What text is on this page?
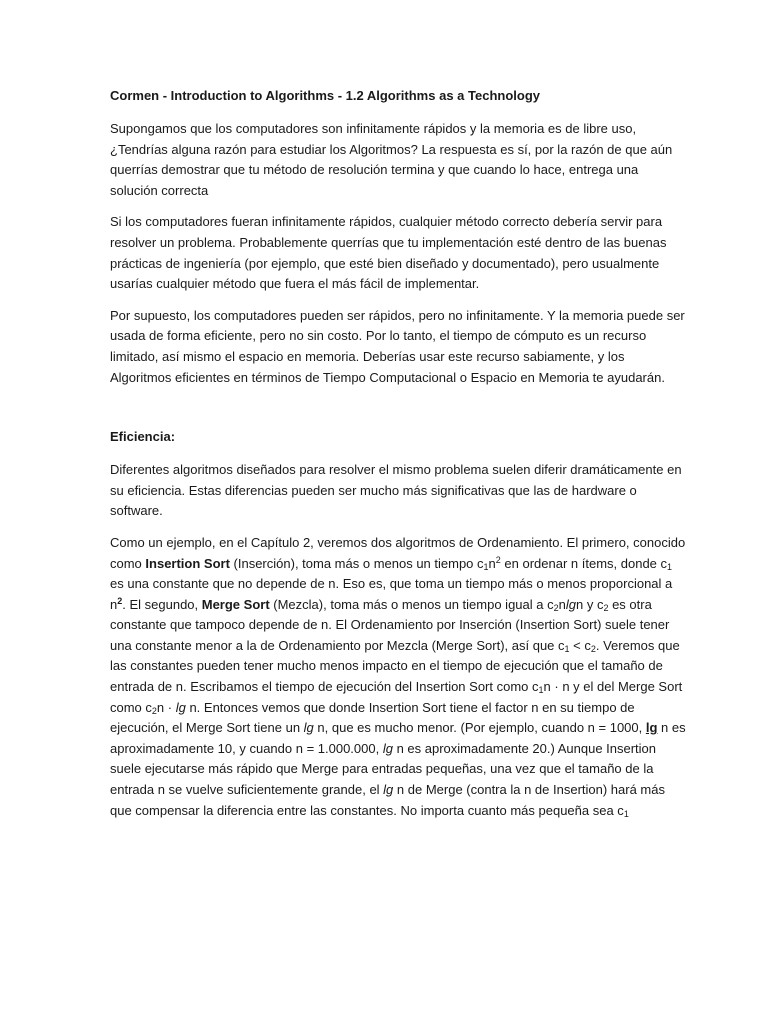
Cormen - Introduction to Algorithms - 1.2 Algorithms as a Technology

Supongamos que los computadores son infinitamente rápidos y la memoria es de libre uso, ¿Tendrías alguna razón para estudiar los Algoritmos? La respuesta es sí, por la razón de que aún querrías demostrar que tu método de resolución termina y que cuando lo hace, entrega una solución correcta

Si los computadores fueran infinitamente rápidos, cualquier método correcto debería servir para resolver un problema. Probablemente querrías que tu implementación esté dentro de las buenas prácticas de ingeniería (por ejemplo, que esté bien diseñado y documentado), pero usualmente usarías cualquier método que fuera el más fácil de implementar.

Por supuesto, los computadores pueden ser rápidos, pero no infinitamente. Y la memoria puede ser usada de forma eficiente, pero no sin costo. Por lo tanto, el tiempo de cómputo es un recurso limitado, así mismo el espacio en memoria. Deberías usar este recurso sabiamente, y los Algoritmos eficientes en términos de Tiempo Computacional o Espacio en Memoria te ayudarán.

Eficiencia:

Diferentes algoritmos diseñados para resolver el mismo problema suelen diferir dramáticamente en su eficiencia. Estas diferencias pueden ser mucho más significativas que las de hardware o software.

Como un ejemplo, en el Capítulo 2, veremos dos algoritmos de Ordenamiento. El primero, conocido como Insertion Sort (Inserción), toma más o menos un tiempo $c_1n^2$ en ordenar n ítems, donde $c_1$ es una constante que no depende de n. Eso es, que toma un tiempo más o menos proporcional a $n^2$. El segundo, Merge Sort (Mezcla), toma más o menos un tiempo igual a $c_2nlgn$ y $c_2$ es otra constante que tampoco depende de n. El Ordenamiento por Inserción (Insertion Sort) suele tener una constante menor a la de Ordenamiento por Mezcla (Merge Sort), así que $c_1 < c_2$. Veremos que las constantes pueden tener mucho menos impacto en el tiempo de ejecución que el tamaño de entrada de n. Escribamos el tiempo de ejecución del Insertion Sort como $c_1n \cdot n$ y el del Merge Sort como $c_2n \cdot \lg n$. Entonces vemos que donde Insertion Sort tiene el factor n en su tiempo de ejecución, el Merge Sort tiene un lg n, que es mucho menor. (Por ejemplo, cuando n = 1000, lg n es aproximadamente 10, y cuando n = 1.000.000, lg n es aproximadamente 20.) Aunque Insertion suele ejecutarse más rápido que Merge para entradas pequeñas, una vez que el tamaño de la entrada n se vuelve suficientemente grande, el lg n de Merge (contra la n de Insertion) hará más que compensar la diferencia entre las constantes. No importa cuanto más pequeña sea $c_1$
